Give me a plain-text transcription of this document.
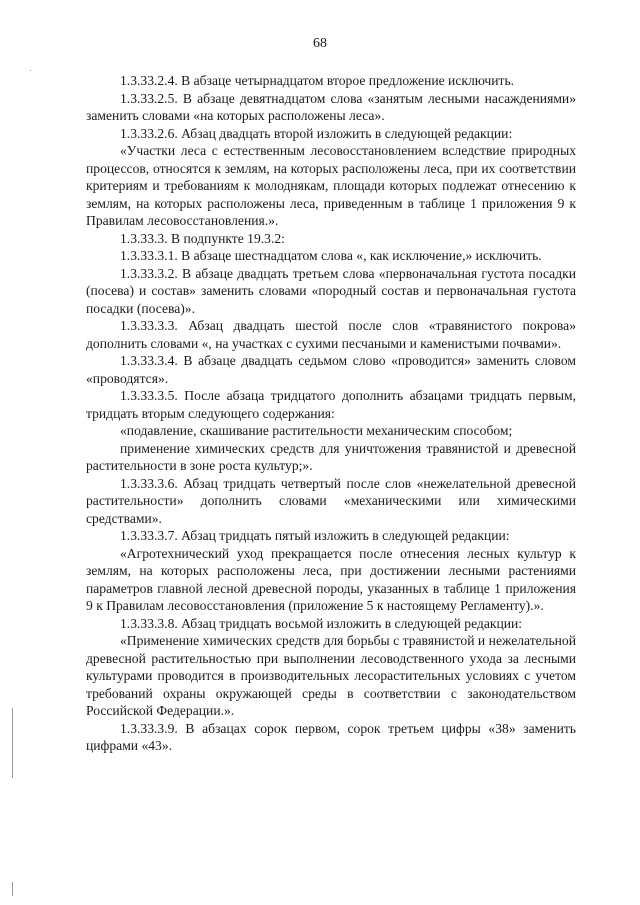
68

1.3.33.2.4. В абзаце четырнадцатом второе предложение исключить.

1.3.33.2.5. В абзаце девятнадцатом слова «занятым лесными насаждениями» заменить словами «на которых расположены леса».

1.3.33.2.6. Абзац двадцать второй изложить в следующей редакции:

«Участки леса с естественным лесовосстановлением вследствие природных процессов, относятся к землям, на которых расположены леса, при их соответствии критериям и требованиям к молоднякам, площади которых подлежат отнесению к землям, на которых расположены леса, приведенным в таблице 1 приложения 9 к Правилам лесовосстановления.».

1.3.33.3. В подпункте 19.3.2:

1.3.33.3.1. В абзаце шестнадцатом слова «, как исключение,» исключить.

1.3.33.3.2. В абзаце двадцать третьем слова «первоначальная густота посадки (посева) и состав» заменить словами «породный состав и первоначальная густота посадки (посева)».

1.3.33.3.3. Абзац двадцать шестой после слов «травянистого покрова» дополнить словами «, на участках с сухими песчаными и каменистыми почвами».

1.3.33.3.4. В абзаце двадцать седьмом слово «проводится» заменить словом «проводятся».

1.3.33.3.5. После абзаца тридцатого дополнить абзацами тридцать первым, тридцать вторым следующего содержания:

«подавление, скашивание растительности механическим способом;

применение химических средств для уничтожения травянистой и древесной растительности в зоне роста культур;».

1.3.33.3.6. Абзац тридцать четвертый после слов «нежелательной древесной растительности» дополнить словами «механическими или химическими средствами».

1.3.33.3.7. Абзац тридцать пятый изложить в следующей редакции:

«Агротехнический уход прекращается после отнесения лесных культур к землям, на которых расположены леса, при достижении лесными растениями параметров главной лесной древесной породы, указанных в таблице 1 приложения 9 к Правилам лесовосстановления (приложение 5 к настоящему Регламенту).».

1.3.33.3.8. Абзац тридцать восьмой изложить в следующей редакции:

«Применение химических средств для борьбы с травянистой и нежелательной древесной растительностью при выполнении лесоводственного ухода за лесными культурами проводится в производительных лесорастительных условиях с учетом требований охраны окружающей среды в соответствии с законодательством Российской Федерации.».

1.3.33.3.9. В абзацах сорок первом, сорок третьем цифры «38» заменить цифрами «43».
